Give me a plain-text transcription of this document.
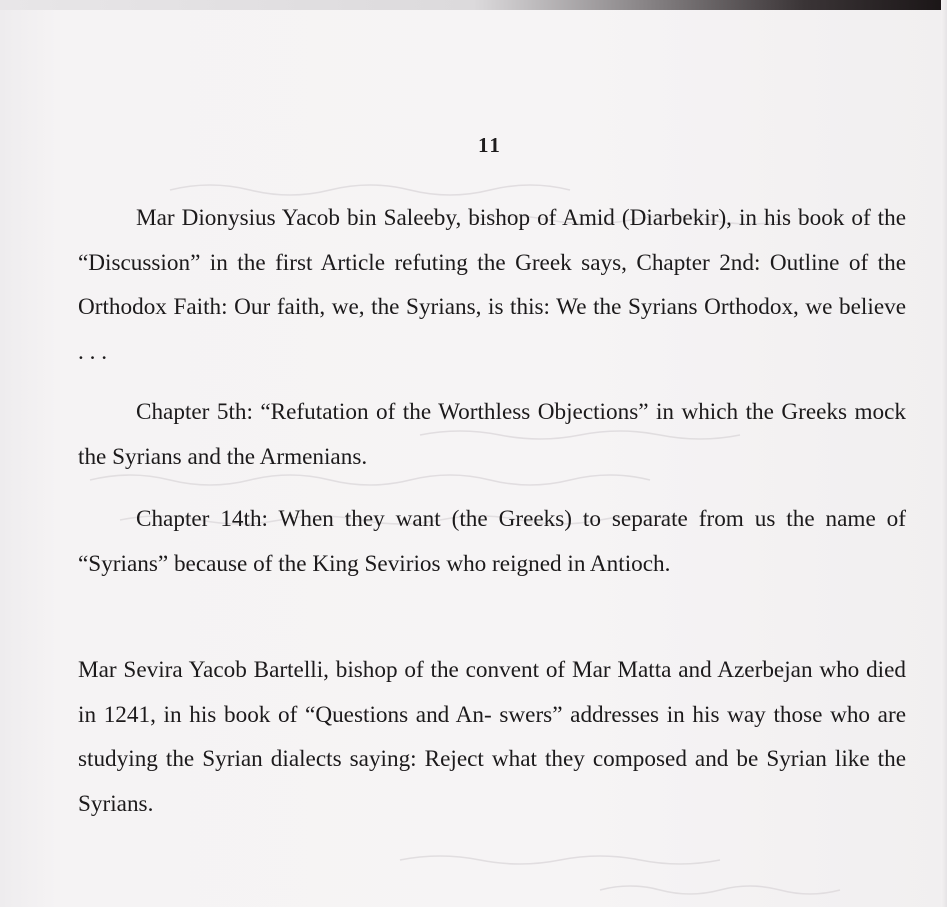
11

Mar Dionysius Yacob bin Saleeby, bishop of Amid (Diarbekir), in his book of the “Discussion” in the first Article refuting the Greek says, Chapter 2nd: Outline of the Orthodox Faith: Our faith, we, the Syrians, is this: We the Syrians Orthodox, we believe . . .

Chapter 5th: “Refutation of the Worthless Objections” in which the Greeks mock the Syrians and the Armenians.

Chapter 14th: When they want (the Greeks) to separate from us the name of “Syrians” because of the King Sevirios who reigned in Antioch.

Mar Sevira Yacob Bartelli, bishop of the convent of Mar Matta and Azerbejan who died in 1241, in his book of “Questions and An- swers” addresses in his way those who are studying the Syrian dialects saying: Reject what they composed and be Syrian like the Syrians.
